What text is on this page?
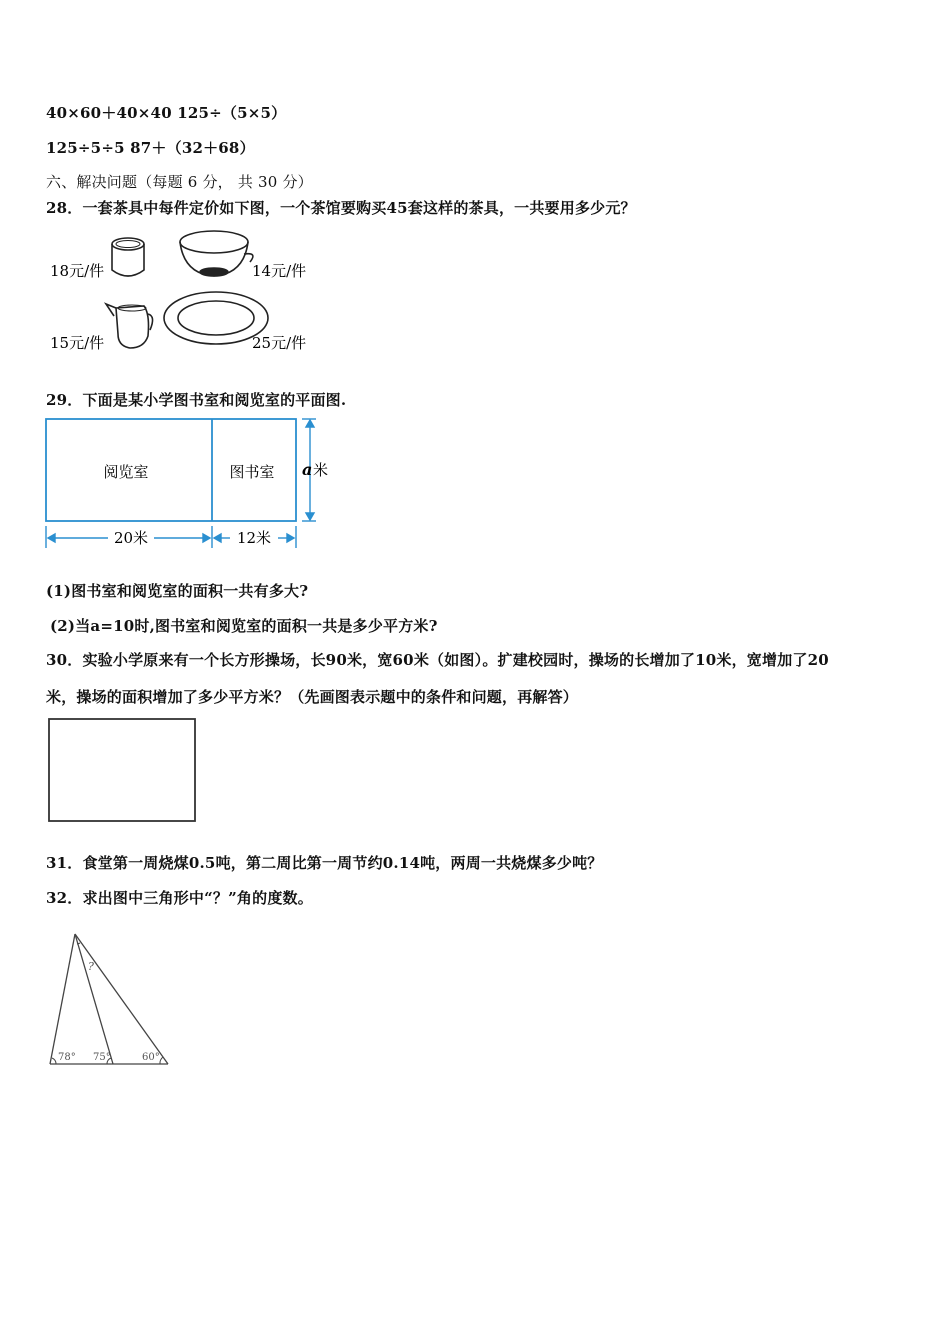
40×60＋40×40 125÷（5×5）
125÷5÷5 87＋（32＋68）
六、解决问题（每题 6 分， 共 30 分）
28．一套茶具中每件定价如下图，一个茶馆要购买45套这样的茶具，一共要用多少元？
18元/件	14元/件
15元/件	25元/件
29．下面是某小学图书室和阅览室的平面图.
阅览室	图书室 a 米
20米	12米
(1)图书室和阅览室的面积一共有多大?
(2)当a=10时,图书室和阅览室的面积一共是多少平方米?
30．实验小学原来有一个长方形操场，长90米，宽60米（如图）。扩建校园时，操场的长增加了10米，宽增加了20
米，操场的面积增加了多少平方米？（先画图表示题中的条件和问题，再解答）
31．食堂第一周烧煤0.5吨，第二周比第一周节约0.14吨，两周一共烧煤多少吨？
32．求出图中三角形中“？”角的度数。
78° 75°	60°
?
